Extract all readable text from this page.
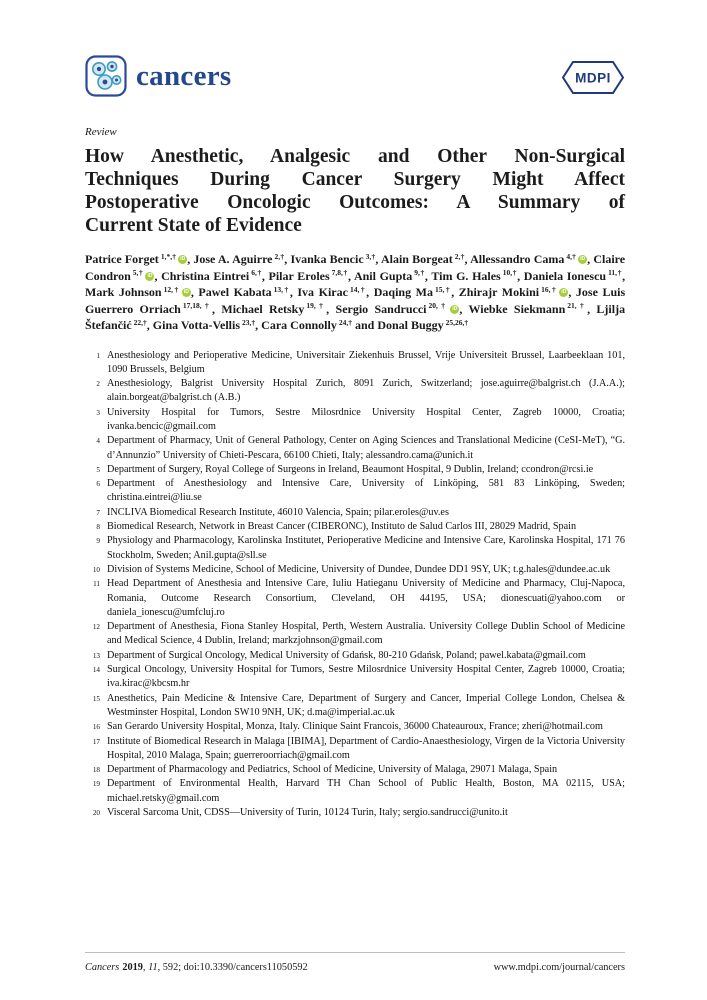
cancers	MDPI
Review
How Anesthetic, Analgesic and Other Non-Surgical
Techniques During Cancer Surgery Might Affect
Postoperative Oncologic Outcomes: A Summary of
Current State of Evidence

Patrice Forget $^{1,*,\dagger}$ iD , Jose A. Aguirre $^{2,\dagger}$, Ivanka Bencic $^{3,\dagger}$, Alain Borgeat $^{2,\dagger}$, Allessandro Cama $^{4,\dagger}$ iD , Claire Condron $^{5,\dagger}$ iD , Christina Eintrei $^{6,\dagger}$, Pilar Eroles $^{7,8,\dagger}$, Anil Gupta $^{9,\dagger}$, Tim G. Hales $^{10,\dagger}$, Daniela Ionescu $^{11,\dagger}$, Mark Johnson $^{12,\dagger}$ iD , Pawel Kabata $^{13,\dagger}$, Iva Kirac $^{14,\dagger}$, Daqing Ma $^{15,\dagger}$, Zhirajr Mokini $^{16,\dagger}$ iD , Jose Luis Guerrero Orriach $^{17,18,\dagger}$, Michael Retsky $^{19,\dagger}$, Sergio Sandrucci $^{20,\dagger}$ iD , Wiebke Siekmann $^{21,\dagger}$, Ljilja Štefančić $^{22,\dagger}$, Gina Votta-Vellis $^{23,\dagger}$, Cara Connolly $^{24,\dagger}$ and Donal Buggy $^{25,26,\dagger}$

1 Anesthesiology and Perioperative Medicine, Universitair Ziekenhuis Brussel, Vrije Universiteit Brussel, Laarbeeklaan 101, 1090 Brussels, Belgium
2 Anesthesiology, Balgrist University Hospital Zurich, 8091 Zurich, Switzerland; jose.aguirre@balgrist.ch (J.A.A.); alain.borgeat@balgrist.ch (A.B.)
3 University Hospital for Tumors, Sestre Milosrdnice University Hospital Center, Zagreb 10000, Croatia; ivanka.bencic@gmail.com
4 Department of Pharmacy, Unit of General Pathology, Center on Aging Sciences and Translational Medicine (CeSI-MeT), “G. d’Annunzio” University of Chieti-Pescara, 66100 Chieti, Italy; alessandro.cama@unich.it
5 Department of Surgery, Royal College of Surgeons in Ireland, Beaumont Hospital, 9 Dublin, Ireland; ccondron@rcsi.ie
6 Department of Anesthesiology and Intensive Care, University of Linköping, 581 83 Linköping, Sweden; christina.eintrei@liu.se
7 INCLIVA Biomedical Research Institute, 46010 Valencia, Spain; pilar.eroles@uv.es
8 Biomedical Research, Network in Breast Cancer (CIBERONC), Instituto de Salud Carlos III, 28029 Madrid, Spain
9 Physiology and Pharmacology, Karolinska Institutet, Perioperative Medicine and Intensive Care, Karolinska Hospital, 171 76 Stockholm, Sweden; Anil.gupta@sll.se
10 Division of Systems Medicine, School of Medicine, University of Dundee, Dundee DD1 9SY, UK; t.g.hales@dundee.ac.uk
11 Head Department of Anesthesia and Intensive Care, Iuliu Hatieganu University of Medicine and Pharmacy, Cluj-Napoca, Romania, Outcome Research Consortium, Cleveland, OH 44195, USA; dionescuati@yahoo.com or daniela_ionescu@umfcluj.ro
12 Department of Anesthesia, Fiona Stanley Hospital, Perth, Western Australia. University College Dublin School of Medicine and Medical Science, 4 Dublin, Ireland; markzjohnson@gmail.com
13 Department of Surgical Oncology, Medical University of Gdańsk, 80-210 Gdańsk, Poland; pawel.kabata@gmail.com
14 Surgical Oncology, University Hospital for Tumors, Sestre Milosrdnice University Hospital Center, Zagreb 10000, Croatia; iva.kirac@kbcsm.hr
15 Anesthetics, Pain Medicine & Intensive Care, Department of Surgery and Cancer, Imperial College London, Chelsea & Westminster Hospital, London SW10 9NH, UK; d.ma@imperial.ac.uk
16 San Gerardo University Hospital, Monza, Italy. Clinique Saint Francois, 36000 Chateauroux, France; zheri@hotmail.com
17 Institute of Biomedical Research in Malaga [IBIMA], Department of Cardio-Anaesthesiology, Virgen de la Victoria University Hospital, 2010 Malaga, Spain; guerreroorriach@gmail.com
18 Department of Pharmacology and Pediatrics, School of Medicine, University of Malaga, 29071 Malaga, Spain
19 Department of Environmental Health, Harvard TH Chan School of Public Health, Boston, MA 02115, USA; michael.retsky@gmail.com
20 Visceral Sarcoma Unit, CDSS—University of Turin, 10124 Turin, Italy; sergio.sandrucci@unito.it
Cancers 2019, 11, 592; doi:10.3390/cancers11050592	www.mdpi.com/journal/cancers
